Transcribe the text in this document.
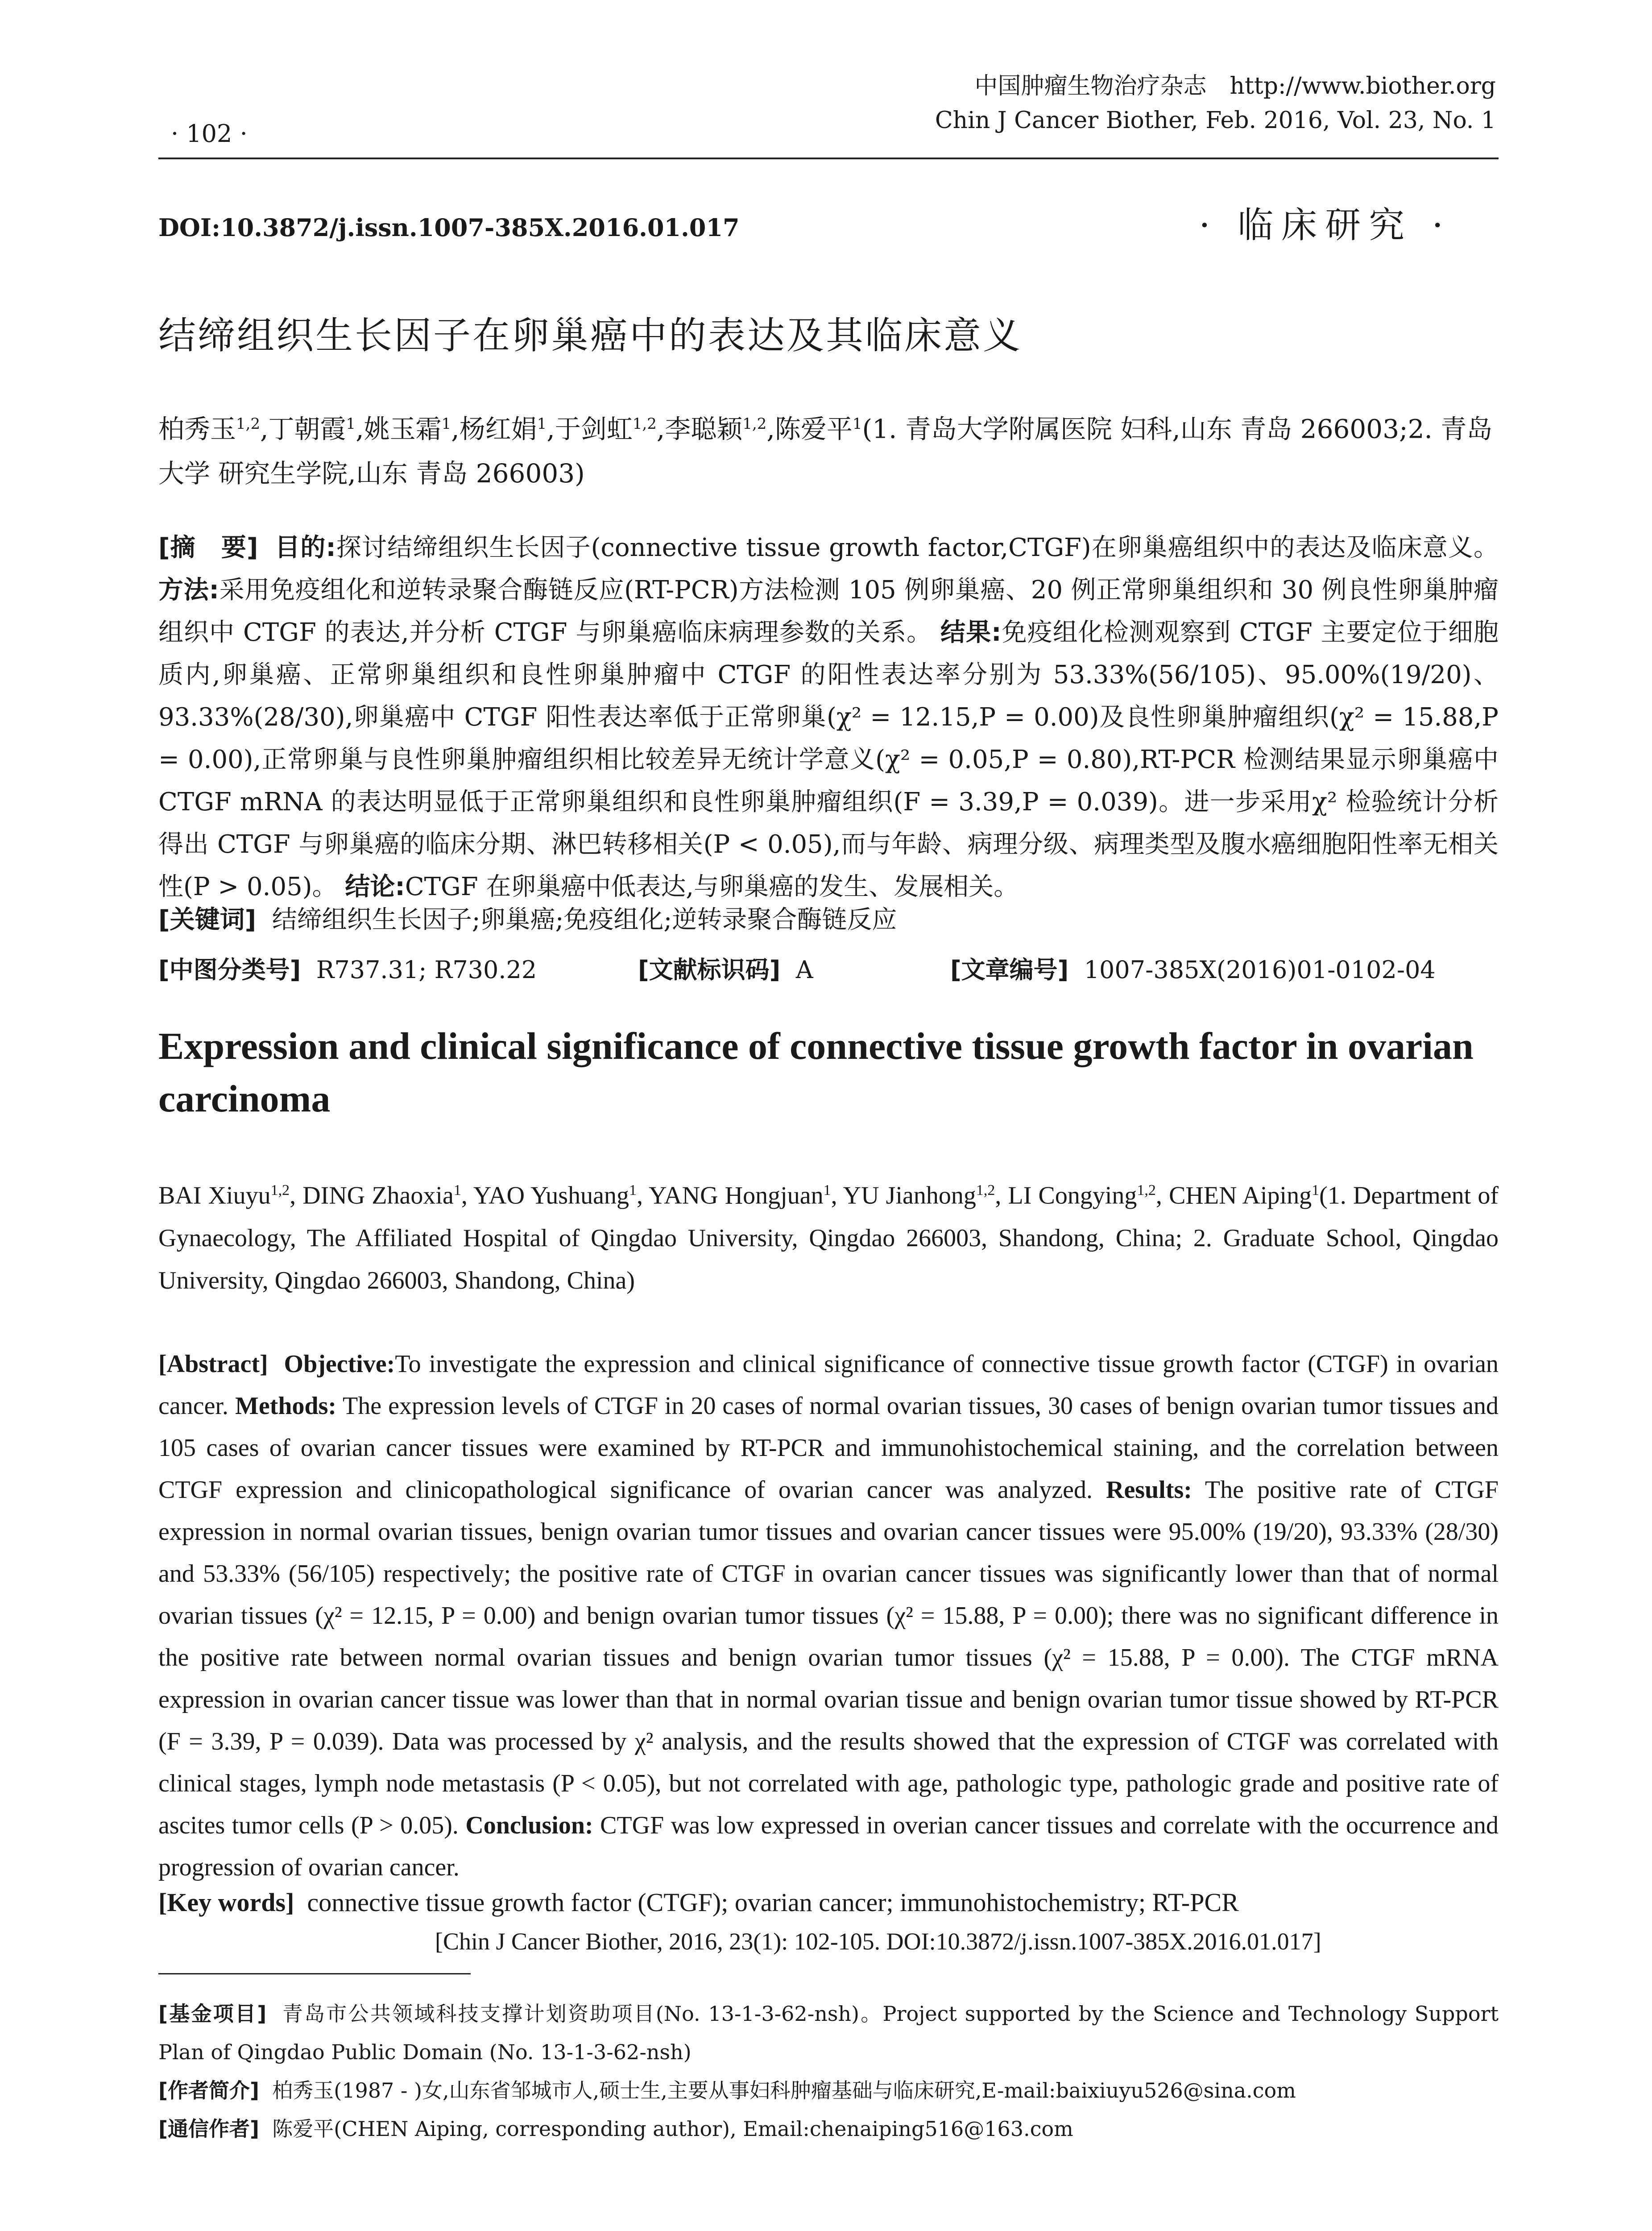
中国肿瘤生物治疗杂志　http://www.biother.org
Chin J Cancer Biother, Feb. 2016, Vol. 23, No. 1
· 102 ·
DOI:10.3872/j.issn.1007-385X.2016.01.017	· 临床研究 ·
结缔组织生长因子在卵巢癌中的表达及其临床意义
柏秀玉$^{1,2}$,丁朝霞$^1$,姚玉霜$^1$,杨红娟$^1$,于剑虹$^{1,2}$,李聪颖$^{1,2}$,陈爱平$^1$(1. 青岛大学附属医院 妇科,山东 青岛 266003;2. 青岛大学 研究生学院,山东 青岛 266003)
[摘　要] 目的:探讨结缔组织生长因子(connective tissue growth factor,CTGF)在卵巢癌组织中的表达及临床意义。 方法:采用免疫组化和逆转录聚合酶链反应(RT-PCR)方法检测 105 例卵巢癌、20 例正常卵巢组织和 30 例良性卵巢肿瘤组织中 CTGF 的表达,并分析 CTGF 与卵巢癌临床病理参数的关系。 结果:免疫组化检测观察到 CTGF 主要定位于细胞质内,卵巢癌、正常卵巢组织和良性卵巢肿瘤中 CTGF 的阳性表达率分别为 53.33%(56/105)、95.00%(19/20)、93.33%(28/30),卵巢癌中 CTGF 阳性表达率低于正常卵巢(χ² = 12.15,P = 0.00)及良性卵巢肿瘤组织(χ² = 15.88,P = 0.00),正常卵巢与良性卵巢肿瘤组织相比较差异无统计学意义(χ² = 0.05,P = 0.80),RT-PCR 检测结果显示卵巢癌中 CTGF mRNA 的表达明显低于正常卵巢组织和良性卵巢肿瘤组织(F = 3.39,P = 0.039)。进一步采用χ² 检验统计分析得出 CTGF 与卵巢癌的临床分期、淋巴转移相关(P < 0.05),而与年龄、病理分级、病理类型及腹水癌细胞阳性率无相关性(P > 0.05)。 结论:CTGF 在卵巢癌中低表达,与卵巢癌的发生、发展相关。
[关键词] 结缔组织生长因子;卵巢癌;免疫组化;逆转录聚合酶链反应
[中图分类号] R737.31; R730.22	[文献标识码] A	[文章编号] 1007-385X(2016)01-0102-04
Expression and clinical significance of connective tissue growth factor in ovarian carcinoma
BAI Xiuyu$^{1,2}$, DING Zhaoxia$^1$, YAO Yushuang$^1$, YANG Hongjuan$^1$, YU Jianhong$^{1,2}$, LI Congying$^{1,2}$, CHEN Aiping$^1$(1. Department of Gynaecology, The Affiliated Hospital of Qingdao University, Qingdao 266003, Shandong, China; 2. Graduate School, Qingdao University, Qingdao 266003, Shandong, China)
[Abstract] Objective:To investigate the expression and clinical significance of connective tissue growth factor (CTGF) in ovarian cancer. Methods: The expression levels of CTGF in 20 cases of normal ovarian tissues, 30 cases of benign ovarian tumor tissues and 105 cases of ovarian cancer tissues were examined by RT-PCR and immunohistochemical staining, and the correlation between CTGF expression and clinicopathological significance of ovarian cancer was analyzed. Results: The positive rate of CTGF expression in normal ovarian tissues, benign ovarian tumor tissues and ovarian cancer tissues were 95.00% (19/20), 93.33% (28/30) and 53.33% (56/105) respectively; the positive rate of CTGF in ovarian cancer tissues was significantly lower than that of normal ovarian tissues (χ² = 12.15, P = 0.00) and benign ovarian tumor tissues (χ² = 15.88, P = 0.00); there was no significant difference in the positive rate between normal ovarian tissues and benign ovarian tumor tissues (χ² = 15.88, P = 0.00). The CTGF mRNA expression in ovarian cancer tissue was lower than that in normal ovarian tissue and benign ovarian tumor tissue showed by RT-PCR (F = 3.39, P = 0.039). Data was processed by χ² analysis, and the results showed that the expression of CTGF was correlated with clinical stages, lymph node metastasis (P < 0.05), but not correlated with age, pathologic type, pathologic grade and positive rate of ascites tumor cells (P > 0.05). Conclusion: CTGF was low expressed in overian cancer tissues and correlate with the occurrence and progression of ovarian cancer.
[Key words] connective tissue growth factor (CTGF); ovarian cancer; immunohistochemistry; RT-PCR
[Chin J Cancer Biother, 2016, 23(1): 102-105. DOI:10.3872/j.issn.1007-385X.2016.01.017]
[基金项目] 青岛市公共领域科技支撑计划资助项目(No. 13-1-3-62-nsh)。Project supported by the Science and Technology Support Plan of Qingdao Public Domain (No. 13-1-3-62-nsh)
[作者简介] 柏秀玉(1987 - )女,山东省邹城市人,硕士生,主要从事妇科肿瘤基础与临床研究,E-mail:baixiuyu526@sina.com
[通信作者] 陈爱平(CHEN Aiping, corresponding author), Email:chenaiping516@163.com
